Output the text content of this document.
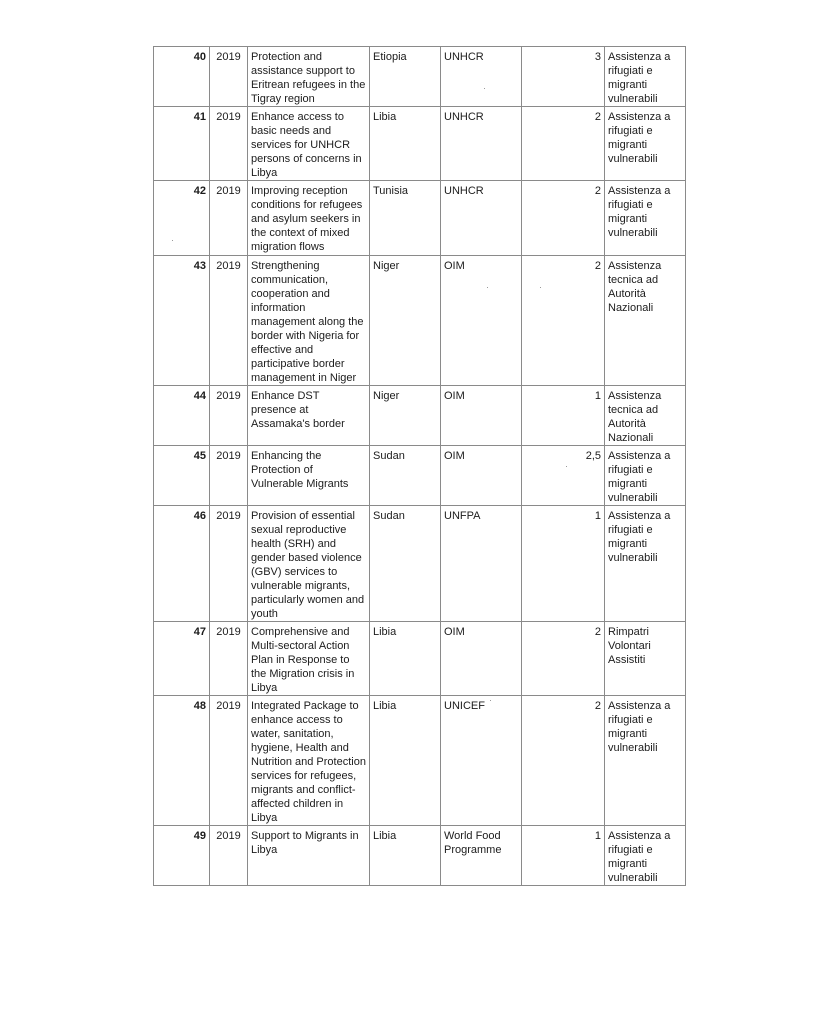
40	2019	Protection and assistance support to Eritrean refugees in the Tigray region	Etiopia	UNHCR	3	Assistenza a rifugiati e migranti vulnerabili
41	2019	Enhance access to basic needs and services for UNHCR persons of concerns in Libya	Libia	UNHCR	2	Assistenza a rifugiati e migranti vulnerabili
42	2019	Improving reception conditions for refugees and asylum seekers in the context of mixed migration flows	Tunisia	UNHCR	2	Assistenza a rifugiati e migranti vulnerabili
43	2019	Strengthening communication, cooperation and information management along the border with Nigeria for effective and participative border management in Niger	Niger	OIM	2	Assistenza tecnica ad Autorità Nazionali
44	2019	Enhance DST presence at Assamaka's border	Niger	OIM	1	Assistenza tecnica ad Autorità Nazionali
45	2019	Enhancing the Protection of Vulnerable Migrants	Sudan	OIM	2,5	Assistenza a rifugiati e migranti vulnerabili
46	2019	Provision of essential sexual reproductive health (SRH) and gender based violence (GBV) services to vulnerable migrants, particularly women and youth	Sudan	UNFPA	1	Assistenza a rifugiati e migranti vulnerabili
47	2019	Comprehensive and Multi-sectoral Action Plan in Response to the Migration crisis in Libya	Libia	OIM	2	Rimpatri Volontari Assistiti
48	2019	Integrated Package to enhance access to water, sanitation, hygiene, Health and Nutrition and Protection services for refugees, migrants and conflict-affected children in Libya	Libia	UNICEF	2	Assistenza a rifugiati e migranti vulnerabili
49	2019	Support to Migrants in Libya	Libia	World Food Programme	1	Assistenza a rifugiati e migranti vulnerabili
